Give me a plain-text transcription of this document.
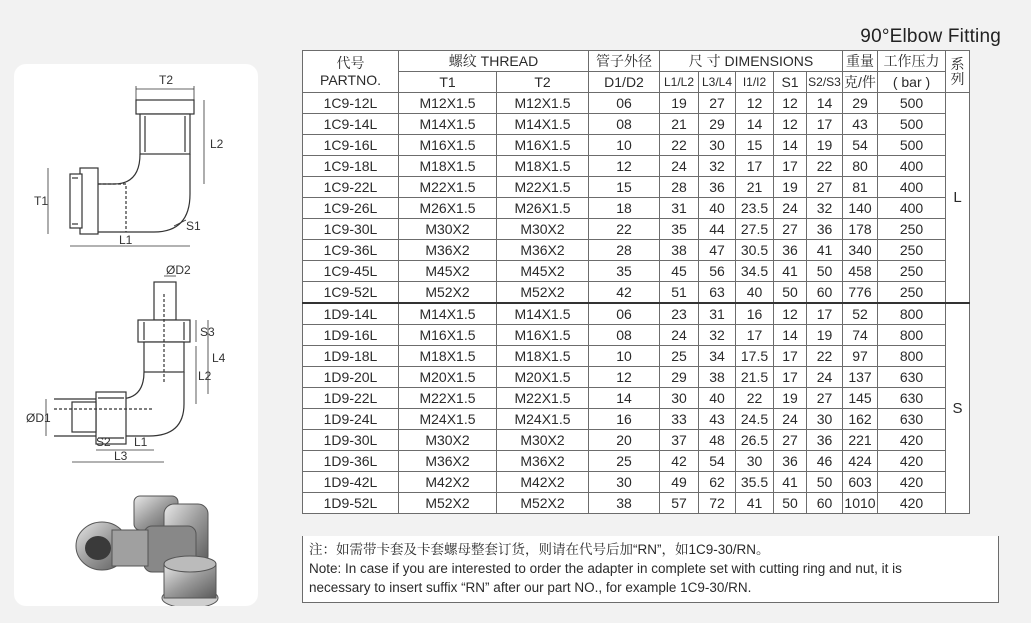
90°Elbow Fitting
T2
L2
T1
L1
S1
ØD2
S3
L4
L2
ØD1
S2 L1
L3
代号
PARTNO.	螺纹 THREAD		管子外径	尺 寸 DIMENSIONS					重量	工作压力	系列
	T1	T2	D1/D2	L1/L2	L3/L4	I1/I2	S1	S2/S3	克/件	( bar )	
1C9-12L	M12X1.5	M12X1.5	06	19	27	12	12	14	29	500	L
1C9-14L	M14X1.5	M14X1.5	08	21	29	14	12	17	43	500	
1C9-16L	M16X1.5	M16X1.5	10	22	30	15	14	19	54	500	
1C9-18L	M18X1.5	M18X1.5	12	24	32	17	17	22	80	400	
1C9-22L	M22X1.5	M22X1.5	15	28	36	21	19	27	81	400	
1C9-26L	M26X1.5	M26X1.5	18	31	40	23.5	24	32	140	400	
1C9-30L	M30X2	M30X2	22	35	44	27.5	27	36	178	250	
1C9-36L	M36X2	M36X2	28	38	47	30.5	36	41	340	250	
1C9-45L	M45X2	M45X2	35	45	56	34.5	41	50	458	250	
1C9-52L	M52X2	M52X2	42	51	63	40	50	60	776	250	
1D9-14L	M14X1.5	M14X1.5	06	23	31	16	12	17	52	800	S
1D9-16L	M16X1.5	M16X1.5	08	24	32	17	14	19	74	800	
1D9-18L	M18X1.5	M18X1.5	10	25	34	17.5	17	22	97	800	
1D9-20L	M20X1.5	M20X1.5	12	29	38	21.5	17	24	137	630	
1D9-22L	M22X1.5	M22X1.5	14	30	40	22	19	27	145	630	
1D9-24L	M24X1.5	M24X1.5	16	33	43	24.5	24	30	162	630	
1D9-30L	M30X2	M30X2	20	37	48	26.5	27	36	221	420	
1D9-36L	M36X2	M36X2	25	42	54	30	36	46	424	420	
1D9-42L	M42X2	M42X2	30	49	62	35.5	41	50	603	420	
1D9-52L	M52X2	M52X2	38	57	72	41	50	60	1010	420	
注：如需带卡套及卡套螺母整套订货，则请在代号后加“RN”，如1C9-30/RN。
Note: In case if you are interested to order the adapter in complete set with cutting ring and nut, it is
necessary to insert suffix “RN” after our part NO., for example 1C9-30/RN.
